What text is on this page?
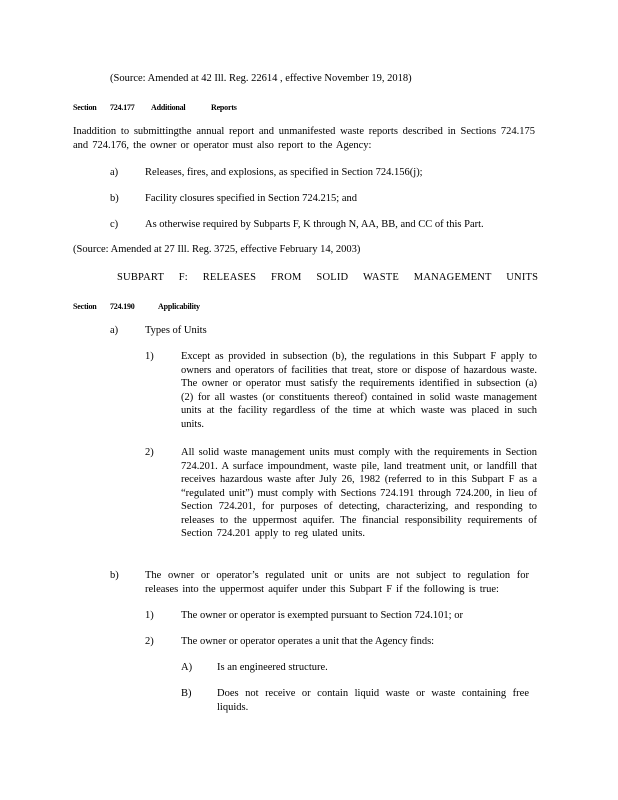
(Source: Amended at 42 Ill. Reg. 22614 , effective November 19, 2018)
Section 724.177 Additional	Reports
Inaddition to submittingthe annual report and unmanifested waste reports described in Sections 724.175 and 724.176, the owner or operator must also report to the Agency:
a)	Releases, fires, and explosions, as specified in Section 724.156(j);
b)	Facility closures specified in Section 724.215; and
c)	As otherwise required by Subparts F, K through N, AA, BB, and CC of this Part.
(Source: Amended at 27 Ill. Reg. 3725, effective February 14, 2003)
SUBPART F: RELEASES FROM SOLID WASTE MANAGEMENT UNITS
Section 724.190	Applicability
a)	Types of Units
1)	Except as provided in subsection (b), the regulations in this Subpart F apply to owners and operators of facilities that treat, store or dispose of hazardous waste. The owner or operator must satisfy the requirements identified in subsection (a)(2) for all wastes (or constituents thereof) contained in solid waste management units at the facility regardless of the time at which waste was placed in such units.
2)	All solid waste management units must comply with the requirements in Section 724.201. A surface impoundment, waste pile, land treatment unit, or landfill that receives hazardous waste after July 26, 1982 (referred to in this Subpart F as a “regulated unit”) must comply with Sections 724.191 through 724.200, in lieu of Section 724.201, for purposes of detecting, characterizing, and responding to releases to the uppermost aquifer. The financial responsibility requirements of Section 724.201 apply to reg ulated units.
b)	The owner or operator’s regulated unit or units are not subject to regulation for releases into the uppermost aquifer under this Subpart F if the following is true:
1)	The owner or operator is exempted pursuant to Section 724.101; or
2)	The owner or operator operates a unit that the Agency finds:
A) Is an engineered structure.
B) Does not receive or contain liquid waste or waste containing free liquids.
